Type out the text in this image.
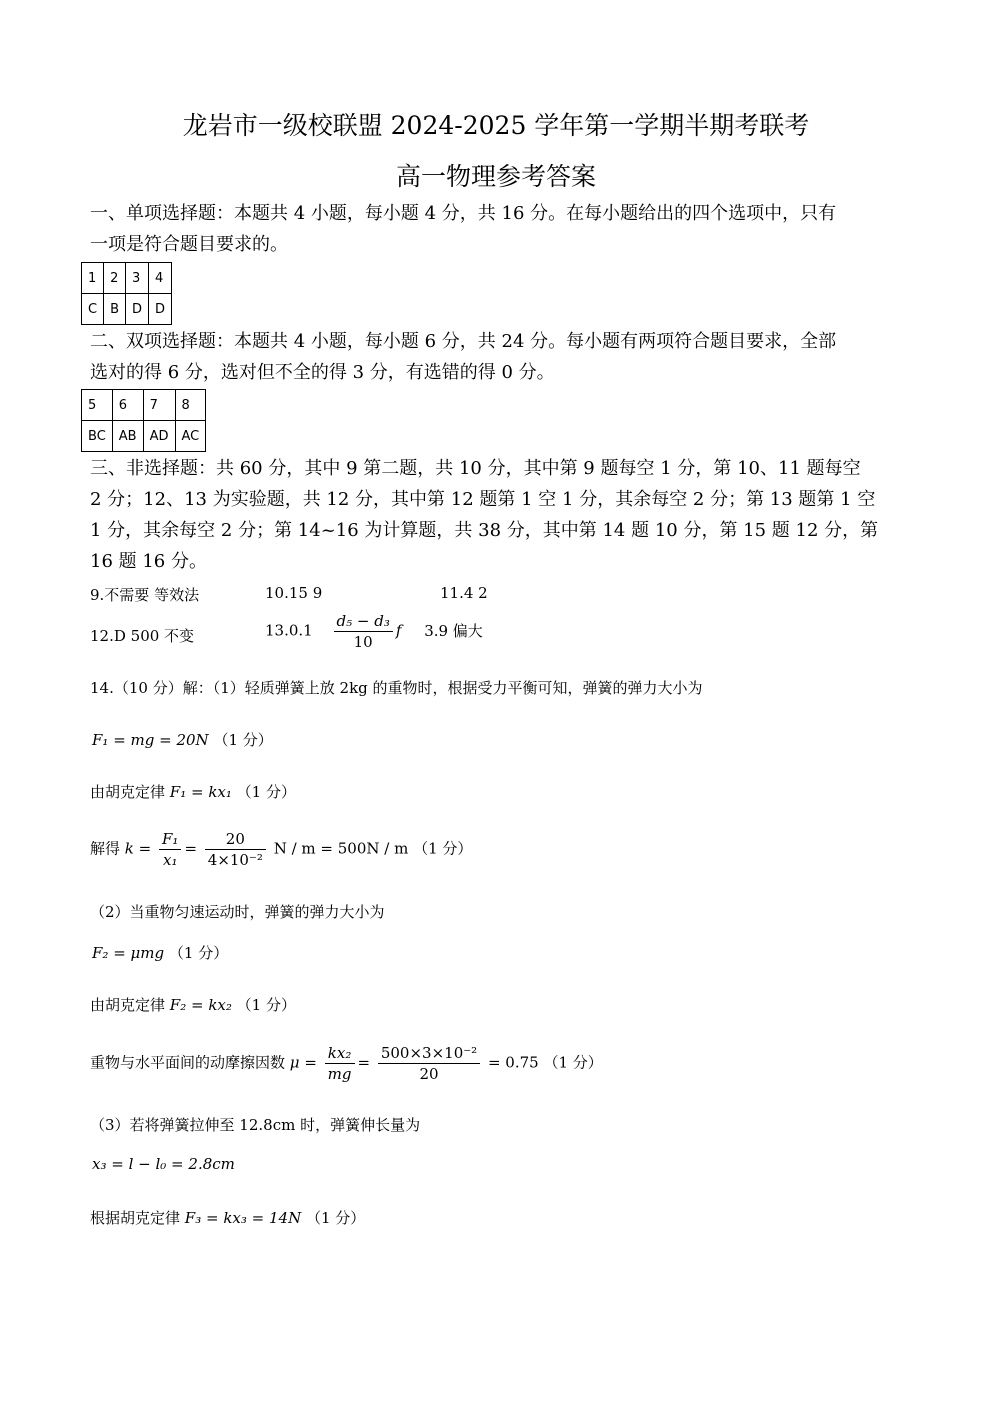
龙岩市一级校联盟 2024-2025 学年第一学期半期考联考
高一物理参考答案
一、单项选择题：本题共 4 小题，每小题 4 分，共 16 分。在每小题给出的四个选项中，只有
一项是符合题目要求的。
1	2	3	4
C	B	D	D
二、双项选择题：本题共 4 小题，每小题 6 分，共 24 分。每小题有两项符合题目要求，全部
选对的得 6 分，选对但不全的得 3 分，有选错的得 0 分。
5	6	7	8
BC	AB	AD	AC
三、非选择题：共 60 分，其中 9 第二题，共 10 分，其中第 9 题每空 1 分，第 10、11 题每空
2 分；12、13 为实验题，共 12 分，其中第 12 题第 1 空 1 分，其余每空 2 分；第 13 题第 1 空
1 分，其余每空 2 分；第 14~16 为计算题，共 38 分，其中第 14 题 10 分，第 15 题 12 分，第
16 题 16 分。
9.不需要 等效法	10.15 9	11.4 2
12.D 500 不变	$13.0.1 \frac{\text{d₅ − d₃}}{10}$ f 3.9 偏大
14.（10 分）解：（1）轻质弹簧上放 2kg 的重物时，根据受力平衡可知，弹簧的弹力大小为
F₁ = mg = 20N （1 分）
由胡克定律 F₁ = kx₁ （1 分）
解得 $k = \frac{\text{F₁}}{\text{x₁}} = \frac{20}{\text{4×10⁻²}}$ N / m = 500N / m （1 分）
（2）当重物匀速运动时，弹簧的弹力大小为
F₂ = μmg （1 分）
由胡克定律 F₂ = kx₂ （1 分）
重物与水平面间的动摩擦因数 $\mu = \frac{\text{kx₂}}{mg} = \frac{\text{500×3×10⁻²}}{20} = 0.75$ （1 分）
（3）若将弹簧拉伸至 12.8cm 时，弹簧伸长量为
x₃ = l − l₀ = 2.8cm
根据胡克定律 F₃ = kx₃ = 14N （1 分）
